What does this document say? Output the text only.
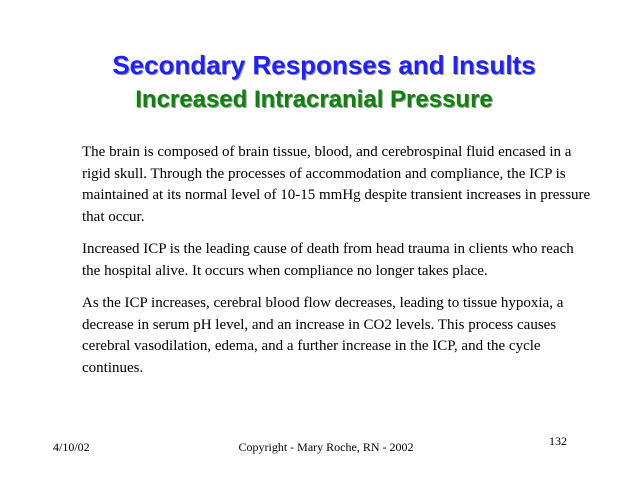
Secondary Responses and Insults
Increased Intracranial Pressure

The brain is composed of brain tissue, blood, and cerebrospinal fluid encased in a rigid skull. Through the processes of accommodation and compliance, the ICP is maintained at its normal level of 10-15 mmHg despite transient increases in pressure that occur.

Increased ICP is the leading cause of death from head trauma in clients who reach the hospital alive. It occurs when compliance no longer takes place.

As the ICP increases, cerebral blood flow decreases, leading to tissue hypoxia, a decrease in serum pH level, and an increase in CO2 levels. This process causes cerebral vasodilation, edema, and a further increase in the ICP, and the cycle continues.

4/10/02	Copyright - Mary Roche, RN - 2002	132
